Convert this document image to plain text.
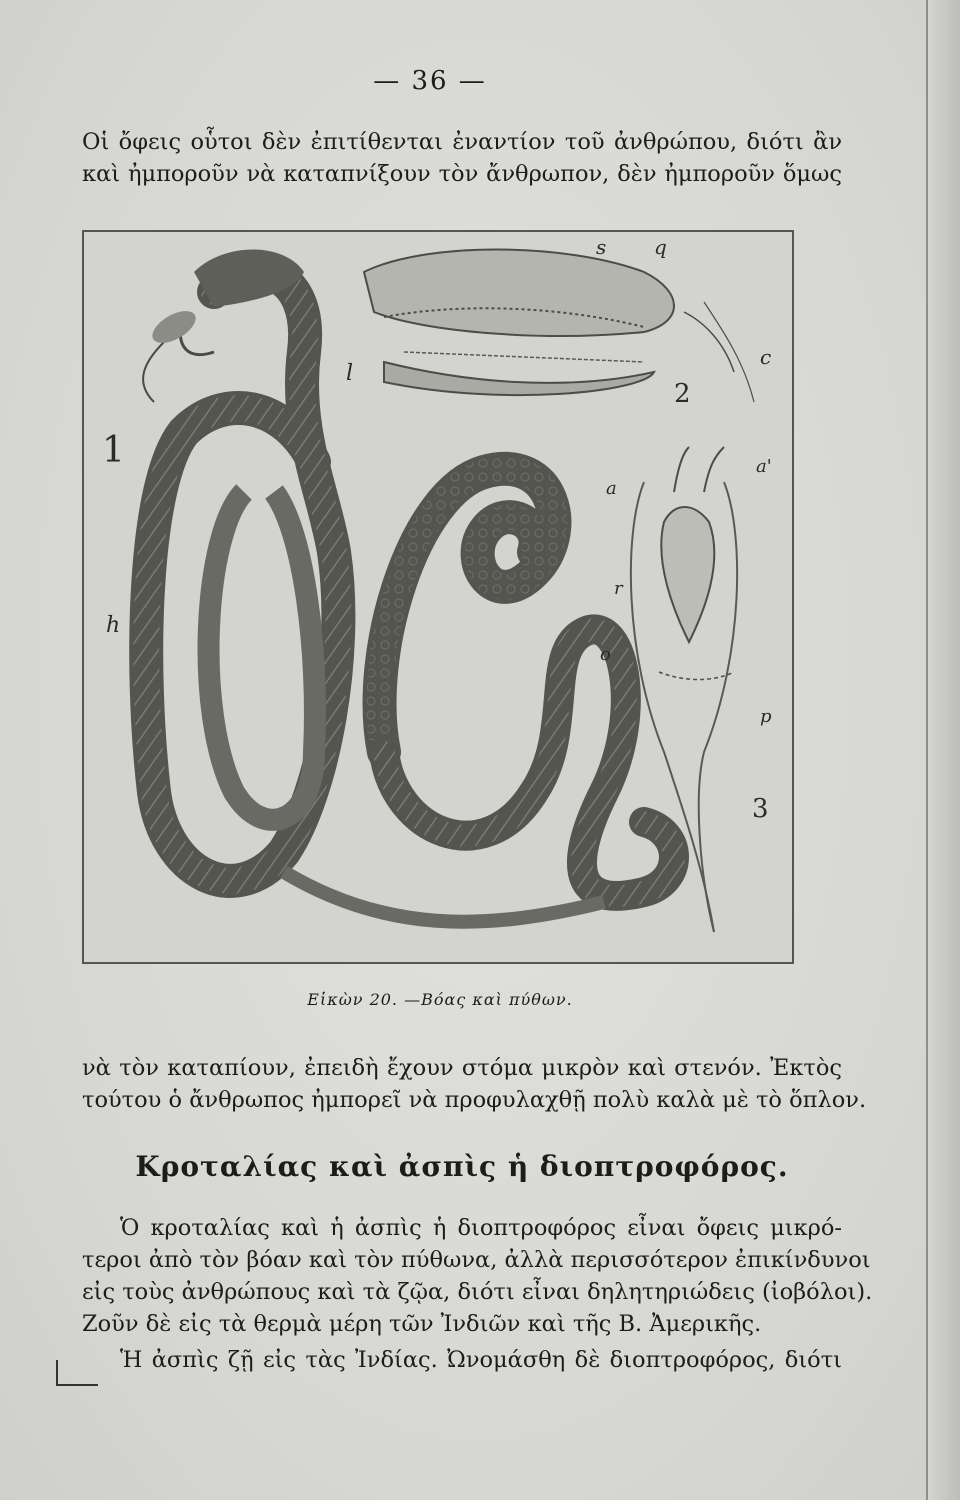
— 36 —
Οἱ ὄφεις οὗτοι δὲν ἐπιτίθενται ἐναντίον τοῦ ἀνθρώπου, διότι ἂν
καὶ ἠμποροῦν νὰ καταπνίξουν τὸν ἄνθρωπον, δὲν ἠμποροῦν ὅμως
1
2
3
s q
l
c
h
a
a'
r
o
p
Εἰκὼν 20. —Βόας καὶ πύθων.
νὰ τὸν καταπίουν, ἐπειδὴ ἔχουν στόμα μικρὸν καὶ στενόν. Ἐκτὸς
τούτου ὁ ἄνθρωπος ἠμπορεῖ νὰ προφυλαχθῇ πολὺ καλὰ μὲ τὸ ὅπλον.
Κροταλίας καὶ ἀσπὶς ἡ διοπτροφόρος.
Ὁ κροταλίας καὶ ἡ ἀσπὶς ἡ διοπτροφόρος εἶναι ὄφεις μικρό-
τεροι ἀπὸ τὸν βόαν καὶ τὸν πύθωνα, ἀλλὰ περισσότερον ἐπικίνδυνοι
εἰς τοὺς ἀνθρώπους καὶ τὰ ζῷα, διότι εἶναι δηλητηριώδεις (ἰοβόλοι).
Ζοῦν δὲ εἰς τὰ θερμὰ μέρη τῶν Ἰνδιῶν καὶ τῆς Β. Ἀμερικῆς.
Ἡ ἀσπὶς ζῇ εἰς τὰς Ἰνδίας. Ὠνομάσθη δὲ διοπτροφόρος, διότι
